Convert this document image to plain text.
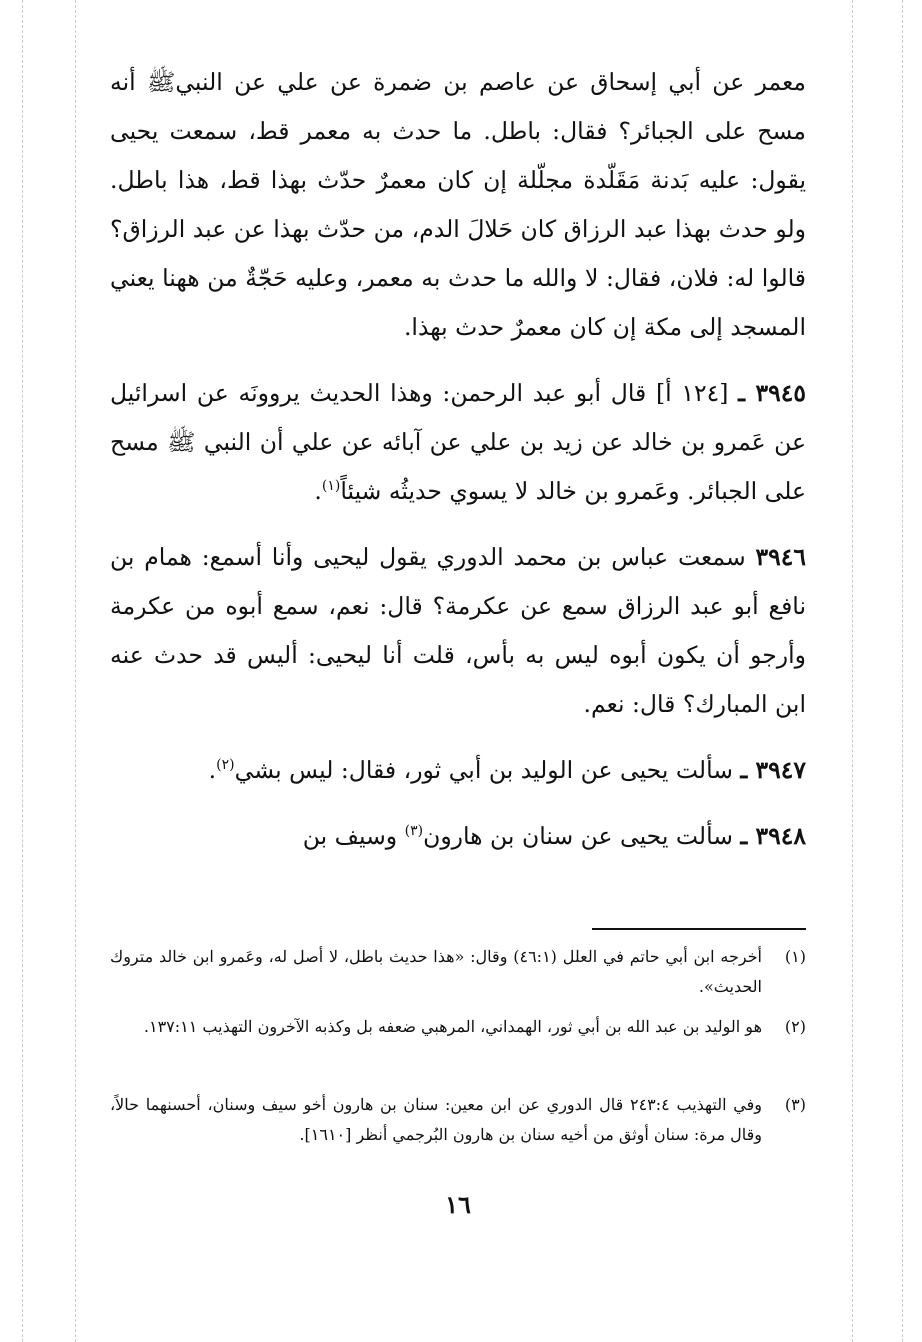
معمر عن أبي إسحاق عن عاصم بن ضمرة عن علي عن النبيﷺ أنه مسح على الجبائر؟ فقال: باطل. ما حدث به معمر قط، سمعت يحيى يقول: عليه بَدنة مَقَلّدة مجلّلة إن كان معمرٌ حدّث بهذا قط، هذا باطل. ولو حدث بهذا عبد الرزاق كان حَلالَ الدم، من حدّث بهذا عن عبد الرزاق؟ قالوا له: فلان، فقال: لا والله ما حدث به معمر، وعليه حَجّةٌ من ههنا يعني المسجد إلى مكة إن كان معمرٌ حدث بهذا.

٣٩٤٥ ـ [١٢٤ أ] قال أبو عبد الرحمن: وهذا الحديث يروونَه عن اسرائيل عن عَمرو بن خالد عن زيد بن علي عن آبائه عن علي أن النبي ﷺ مسح على الجبائر. وعَمرو بن خالد لا يسوي حديثُه شيئاً$^{(١)}$.

٣٩٤٦ سمعت عباس بن محمد الدوري يقول ليحيى وأنا أسمع: همام بن نافع أبو عبد الرزاق سمع عن عكرمة؟ قال: نعم، سمع أبوه من عكرمة وأرجو أن يكون أبوه ليس به بأس، قلت أنا ليحيى: أليس قد حدث عنه ابن المبارك؟ قال: نعم.

٣٩٤٧ ـ سألت يحيى عن الوليد بن أبي ثور، فقال: ليس بشي$^{(٢)}$.

٣٩٤٨ ـ سألت يحيى عن سنان بن هارون$^{(٣)}$ وسيف بن

(١)
أخرجه ابن أبي حاتم في العلل (٤٦:١) وقال: «هذا حديث باطل، لا أصل له، وعَمرو ابن خالد متروك الحديث».
(٢)
هو الوليد بن عبد الله بن أبي ثور، الهمداني، المرهبي ضعفه بل وكذبه الآخرون التهذيب ١٣٧:١١.
(٣)
وفي التهذيب ٢٤٣:٤ قال الدوري عن ابن معين: سنان بن هارون أخو سيف وسنان، أحسنهما حالاً، وقال مرة: سنان أوثق من أخيه سنان بن هارون البُرجمي أنظر [١٦١٠].
١٦
